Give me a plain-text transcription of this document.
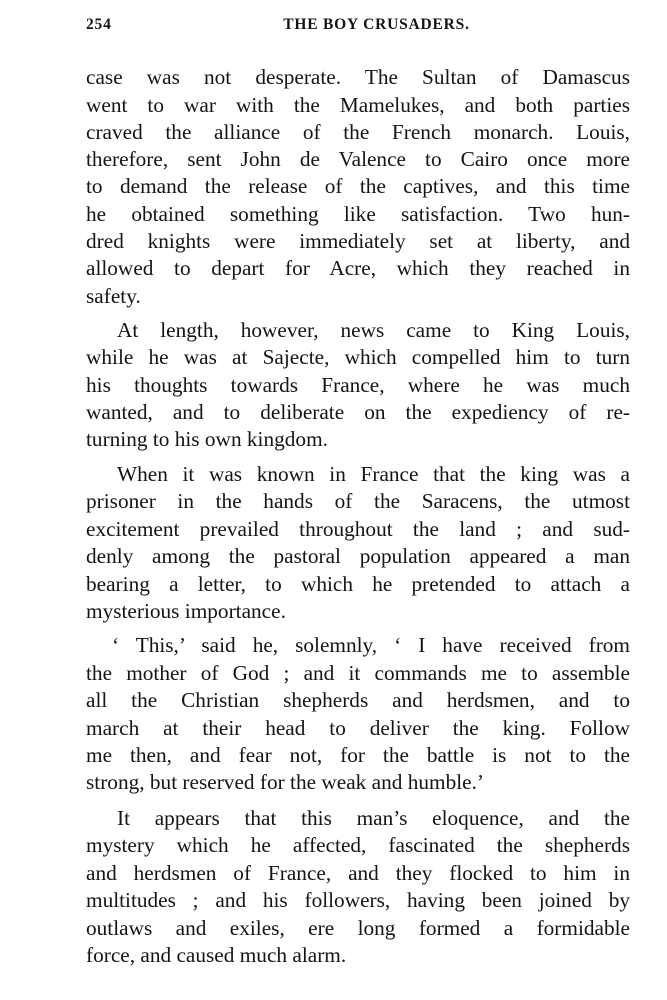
254	THE BOY CRUSADERS.
case was not desperate. The Sultan of Damascus
went to war with the Mamelukes, and both parties
craved the alliance of the French monarch. Louis,
therefore, sent John de Valence to Cairo once more
to demand the release of the captives, and this time
he obtained something like satisfaction. Two hun-
dred knights were immediately set at liberty, and
allowed to depart for Acre, which they reached in
safety.
At length, however, news came to King Louis,
while he was at Sajecte, which compelled him to turn
his thoughts towards France, where he was much
wanted, and to deliberate on the expediency of re-
turning to his own kingdom.
When it was known in France that the king was a
prisoner in the hands of the Saracens, the utmost
excitement prevailed throughout the land ; and sud-
denly among the pastoral population appeared a man
bearing a letter, to which he pretended to attach a
mysterious importance.
‘ This,’ said he, solemnly, ‘ I have received from
the mother of God ; and it commands me to assemble
all the Christian shepherds and herdsmen, and to
march at their head to deliver the king. Follow
me then, and fear not, for the battle is not to the
strong, but reserved for the weak and humble.’
It appears that this man’s eloquence, and the
mystery which he affected, fascinated the shepherds
and herdsmen of France, and they flocked to him in
multitudes ; and his followers, having been joined by
outlaws and exiles, ere long formed a formidable
force, and caused much alarm.
